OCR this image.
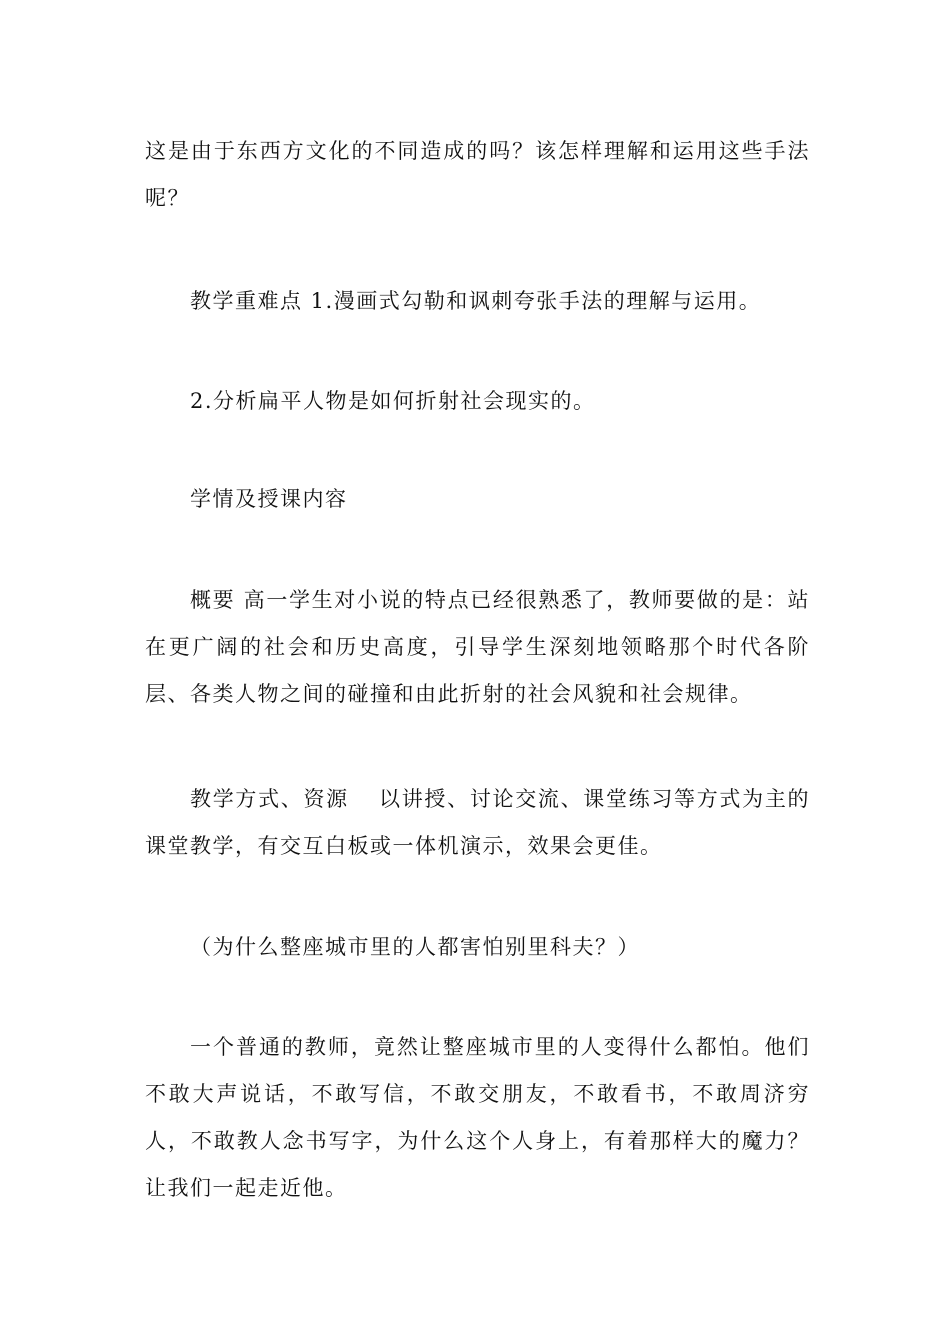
这是由于东西方文化的不同造成的吗？该怎样理解和运用这些手法呢？

教学重难点 1.漫画式勾勒和讽刺夸张手法的理解与运用。

2.分析扁平人物是如何折射社会现实的。

学情及授课内容

概要 高一学生对小说的特点已经很熟悉了，教师要做的是：站在更广阔的社会和历史高度，引导学生深刻地领略那个时代各阶层、各类人物之间的碰撞和由此折射的社会风貌和社会规律。

教学方式、资源 以讲授、讨论交流、课堂练习等方式为主的课堂教学，有交互白板或一体机演示，效果会更佳。

（为什么整座城市里的人都害怕别里科夫？）

一个普通的教师，竟然让整座城市里的人变得什么都怕。他们不敢大声说话，不敢写信，不敢交朋友，不敢看书，不敢周济穷人，不敢教人念书写字，为什么这个人身上，有着那样大的魔力？让我们一起走近他。
